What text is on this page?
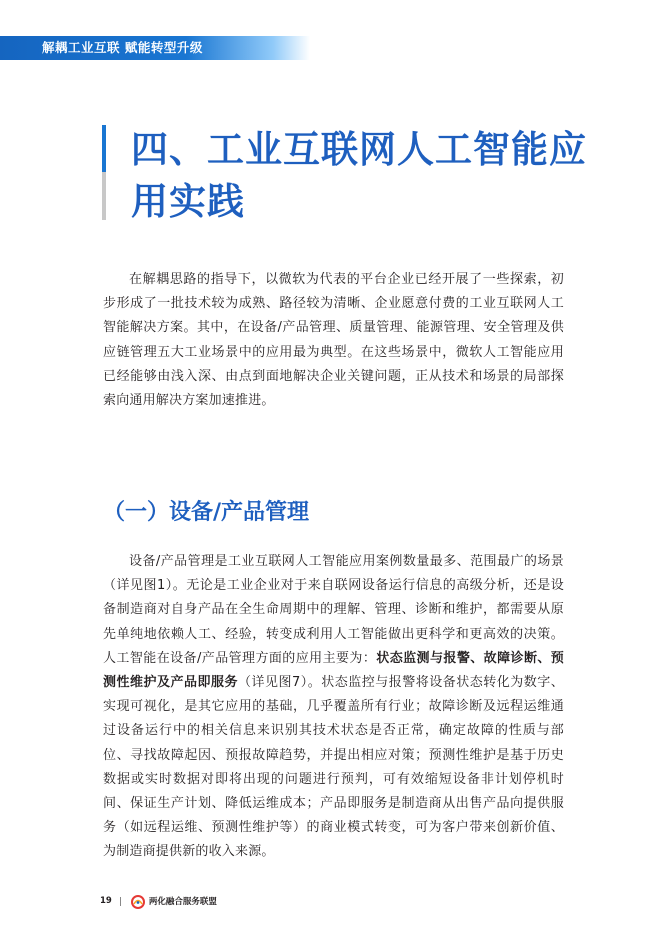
解耦工业互联 赋能转型升级
四、工业互联网人工智能应用实践

在解耦思路的指导下，以微软为代表的平台企业已经开展了一些探索，初步形成了一批技术较为成熟、路径较为清晰、企业愿意付费的工业互联网人工智能解决方案。其中，在设备/产品管理、质量管理、能源管理、安全管理及供应链管理五大工业场景中的应用最为典型。在这些场景中，微软人工智能应用已经能够由浅入深、由点到面地解决企业关键问题，正从技术和场景的局部探索向通用解决方案加速推进。

（一）设备/产品管理

设备/产品管理是工业互联网人工智能应用案例数量最多、范围最广的场景（详见图1）。无论是工业企业对于来自联网设备运行信息的高级分析，还是设备制造商对自身产品在全生命周期中的理解、管理、诊断和维护，都需要从原先单纯地依赖人工、经验，转变成利用人工智能做出更科学和更高效的决策。人工智能在设备/产品管理方面的应用主要为：状态监测与报警、故障诊断、预测性维护及产品即服务（详见图7）。状态监控与报警将设备状态转化为数字、实现可视化，是其它应用的基础，几乎覆盖所有行业；故障诊断及远程运维通过设备运行中的相关信息来识别其技术状态是否正常，确定故障的性质与部位、寻找故障起因、预报故障趋势，并提出相应对策；预测性维护是基于历史数据或实时数据对即将出现的问题进行预判，可有效缩短设备非计划停机时间、保证生产计划、降低运维成本；产品即服务是制造商从出售产品向提供服务（如远程运维、预测性维护等）的商业模式转变，可为客户带来创新价值、为制造商提供新的收入来源。

19	两化融合服务联盟
